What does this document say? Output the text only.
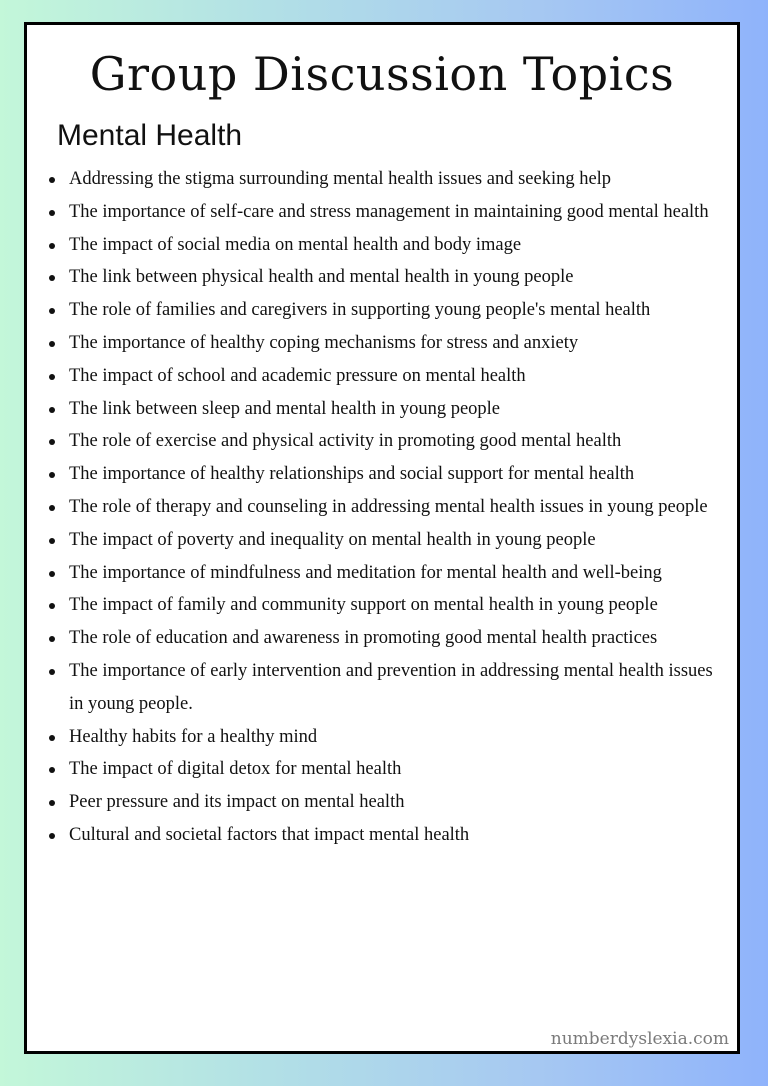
Group Discussion Topics
Mental Health
Addressing the stigma surrounding mental health issues and seeking help
The importance of self-care and stress management in maintaining good mental health
The impact of social media on mental health and body image
The link between physical health and mental health in young people
The role of families and caregivers in supporting young people's mental health
The importance of healthy coping mechanisms for stress and anxiety
The impact of school and academic pressure on mental health
The link between sleep and mental health in young people
The role of exercise and physical activity in promoting good mental health
The importance of healthy relationships and social support for mental health
The role of therapy and counseling in addressing mental health issues in young people
The impact of poverty and inequality on mental health in young people
The importance of mindfulness and meditation for mental health and well-being
The impact of family and community support on mental health in young people
The role of education and awareness in promoting good mental health practices
The importance of early intervention and prevention in addressing mental health issues in young people.
Healthy habits for a healthy mind
The impact of digital detox for mental health
Peer pressure and its impact on mental health
Cultural and societal factors that impact mental health
numberdyslexia.com
